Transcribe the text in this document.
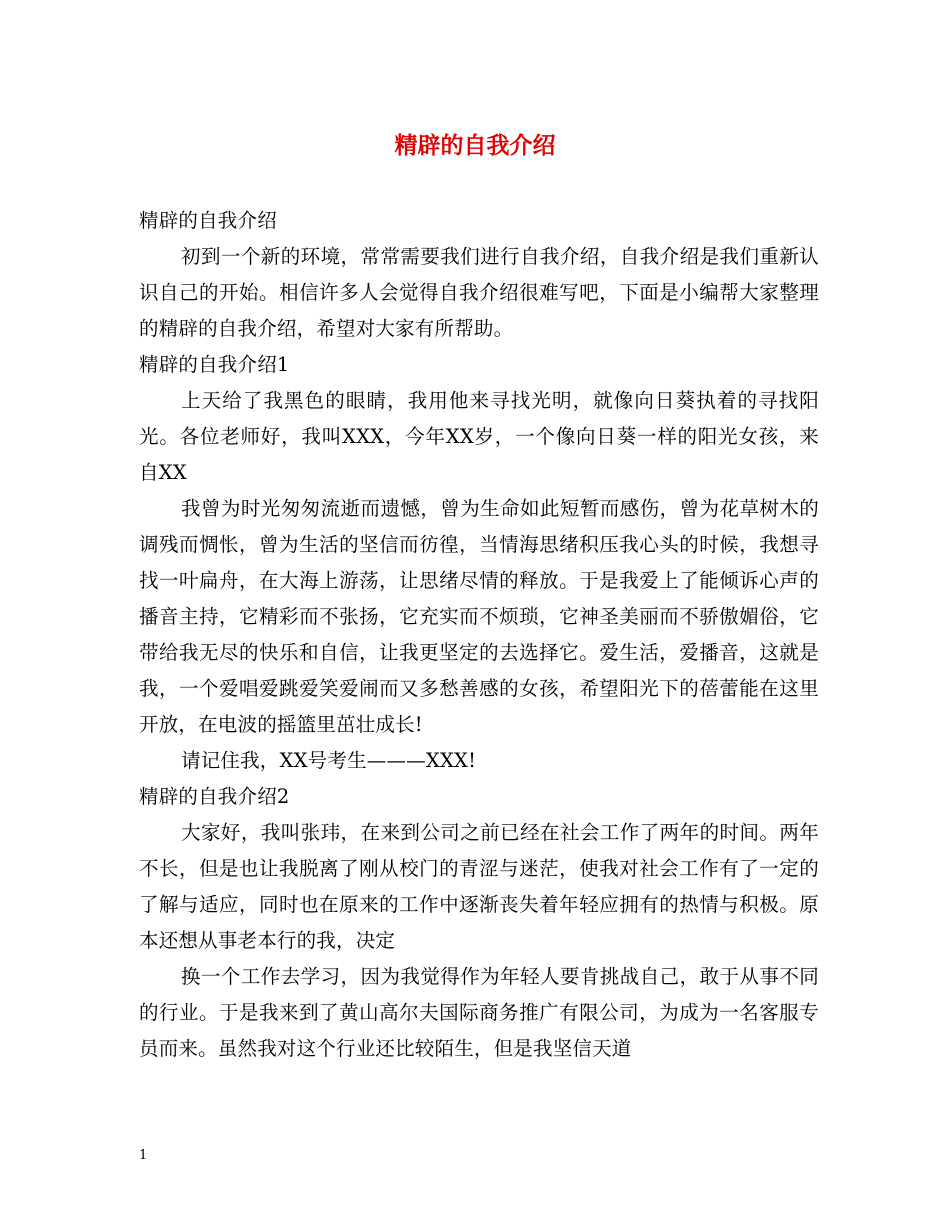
精辟的自我介绍

精辟的自我介绍

初到一个新的环境，常常需要我们进行自我介绍，自我介绍是我们重新认识自己的开始。相信许多人会觉得自我介绍很难写吧，下面是小编帮大家整理的精辟的自我介绍，希望对大家有所帮助。

精辟的自我介绍1

上天给了我黑色的眼睛，我用他来寻找光明，就像向日葵执着的寻找阳光。各位老师好，我叫XXX，今年XX岁，一个像向日葵一样的阳光女孩，来自XX

我曾为时光匆匆流逝而遗憾，曾为生命如此短暂而感伤，曾为花草树木的调残而惆怅，曾为生活的坚信而彷徨，当情海思绪积压我心头的时候，我想寻找一叶扁舟，在大海上游荡，让思绪尽情的释放。于是我爱上了能倾诉心声的播音主持，它精彩而不张扬，它充实而不烦琐，它神圣美丽而不骄傲媚俗，它带给我无尽的快乐和自信，让我更坚定的去选择它。爱生活，爱播音，这就是我，一个爱唱爱跳爱笑爱闹而又多愁善感的女孩，希望阳光下的蓓蕾能在这里开放，在电波的摇篮里茁壮成长!

请记住我，XX号考生———XXX!

精辟的自我介绍2

大家好，我叫张玮，在来到公司之前已经在社会工作了两年的时间。两年不长，但是也让我脱离了刚从校门的青涩与迷茫，使我对社会工作有了一定的了解与适应，同时也在原来的工作中逐渐丧失着年轻应拥有的热情与积极。原本还想从事老本行的我，决定

换一个工作去学习，因为我觉得作为年轻人要肯挑战自己，敢于从事不同的行业。于是我来到了黄山高尔夫国际商务推广有限公司，为成为一名客服专员而来。虽然我对这个行业还比较陌生，但是我坚信天道

1
